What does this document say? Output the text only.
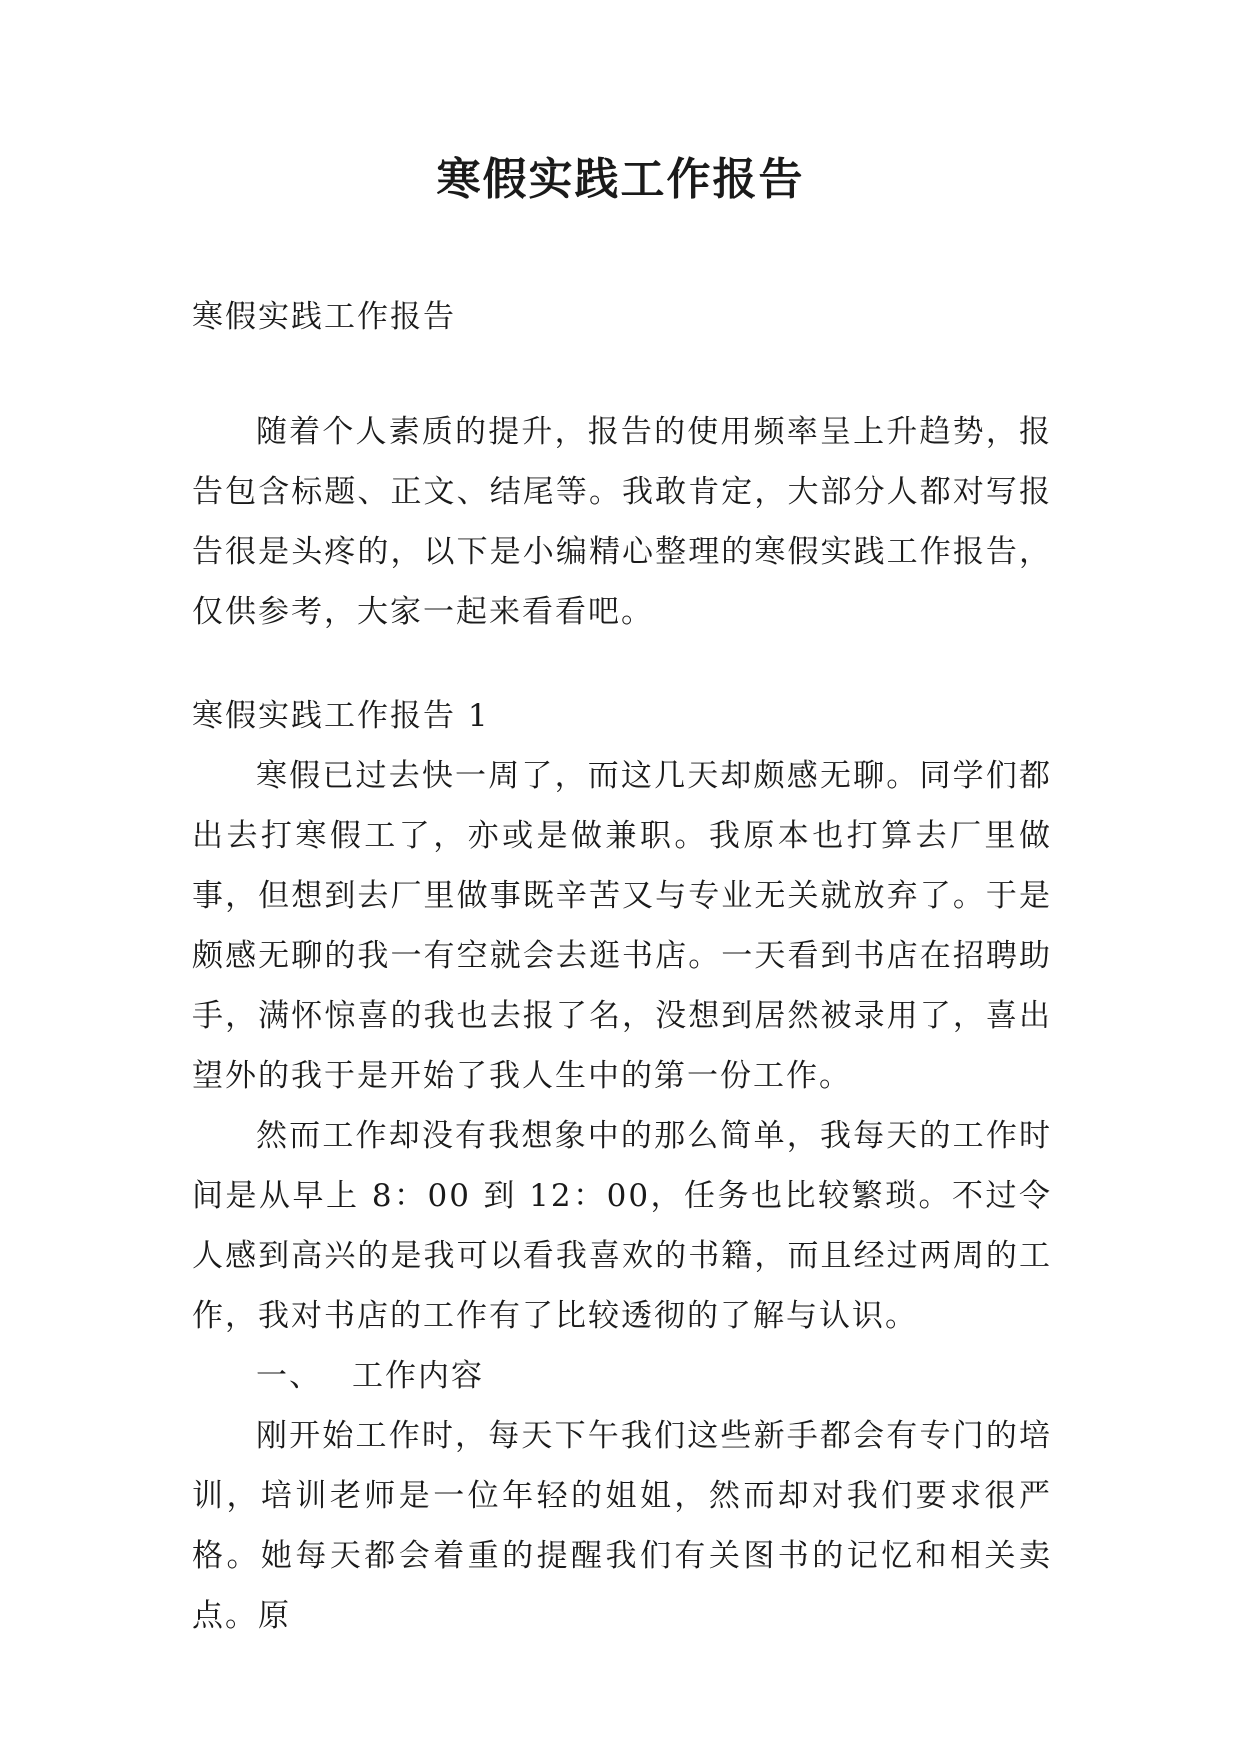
寒假实践工作报告

寒假实践工作报告

随着个人素质的提升，报告的使用频率呈上升趋势，报告包含标题、正文、结尾等。我敢肯定，大部分人都对写报告很是头疼的，以下是小编精心整理的寒假实践工作报告，仅供参考，大家一起来看看吧。

寒假实践工作报告 1

寒假已过去快一周了，而这几天却颇感无聊。同学们都出去打寒假工了，亦或是做兼职。我原本也打算去厂里做事，但想到去厂里做事既辛苦又与专业无关就放弃了。于是颇感无聊的我一有空就会去逛书店。一天看到书店在招聘助手，满怀惊喜的我也去报了名，没想到居然被录用了，喜出望外的我于是开始了我人生中的第一份工作。

然而工作却没有我想象中的那么简单，我每天的工作时间是从早上 8：00 到 12：00，任务也比较繁琐。不过令人感到高兴的是我可以看我喜欢的书籍，而且经过两周的工作，我对书店的工作有了比较透彻的了解与认识。

一、 工作内容

刚开始工作时，每天下午我们这些新手都会有专门的培训，培训老师是一位年轻的姐姐，然而却对我们要求很严格。她每天都会着重的提醒我们有关图书的记忆和相关卖点。原
